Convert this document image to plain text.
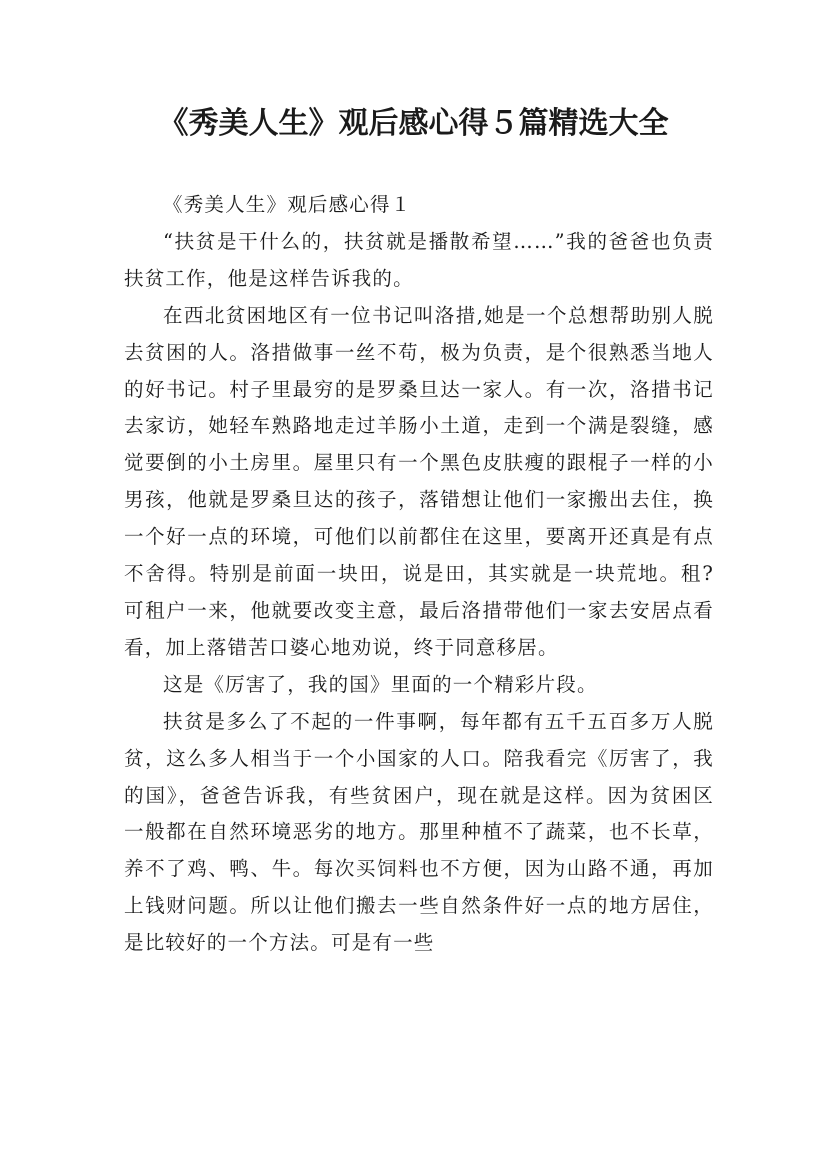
《秀美人生》观后感心得５篇精选大全

《秀美人生》观后感心得１

“扶贫是干什么的，扶贫就是播散希望……”我的爸爸也负责扶贫工作，他是这样告诉我的。

在西北贫困地区有一位书记叫洛措,她是一个总想帮助别人脱去贫困的人。洛措做事一丝不苟，极为负责，是个很熟悉当地人的好书记。村子里最穷的是罗桑旦达一家人。有一次，洛措书记去家访，她轻车熟路地走过羊肠小土道，走到一个满是裂缝，感觉要倒的小土房里。屋里只有一个黑色皮肤瘦的跟棍子一样的小男孩，他就是罗桑旦达的孩子，落错想让他们一家搬出去住，换一个好一点的环境，可他们以前都住在这里，要离开还真是有点不舍得。特别是前面一块田，说是田，其实就是一块荒地。租?可租户一来，他就要改变主意，最后洛措带他们一家去安居点看看，加上落错苦口婆心地劝说，终于同意移居。

这是《厉害了，我的国》里面的一个精彩片段。

扶贫是多么了不起的一件事啊，每年都有五千五百多万人脱贫，这么多人相当于一个小国家的人口。陪我看完《厉害了，我的国》，爸爸告诉我，有些贫困户，现在就是这样。因为贫困区一般都在自然环境恶劣的地方。那里种植不了蔬菜，也不长草，养不了鸡、鸭、牛。每次买饲料也不方便，因为山路不通，再加上钱财问题。所以让他们搬去一些自然条件好一点的地方居住，是比较好的一个方法。可是有一些
